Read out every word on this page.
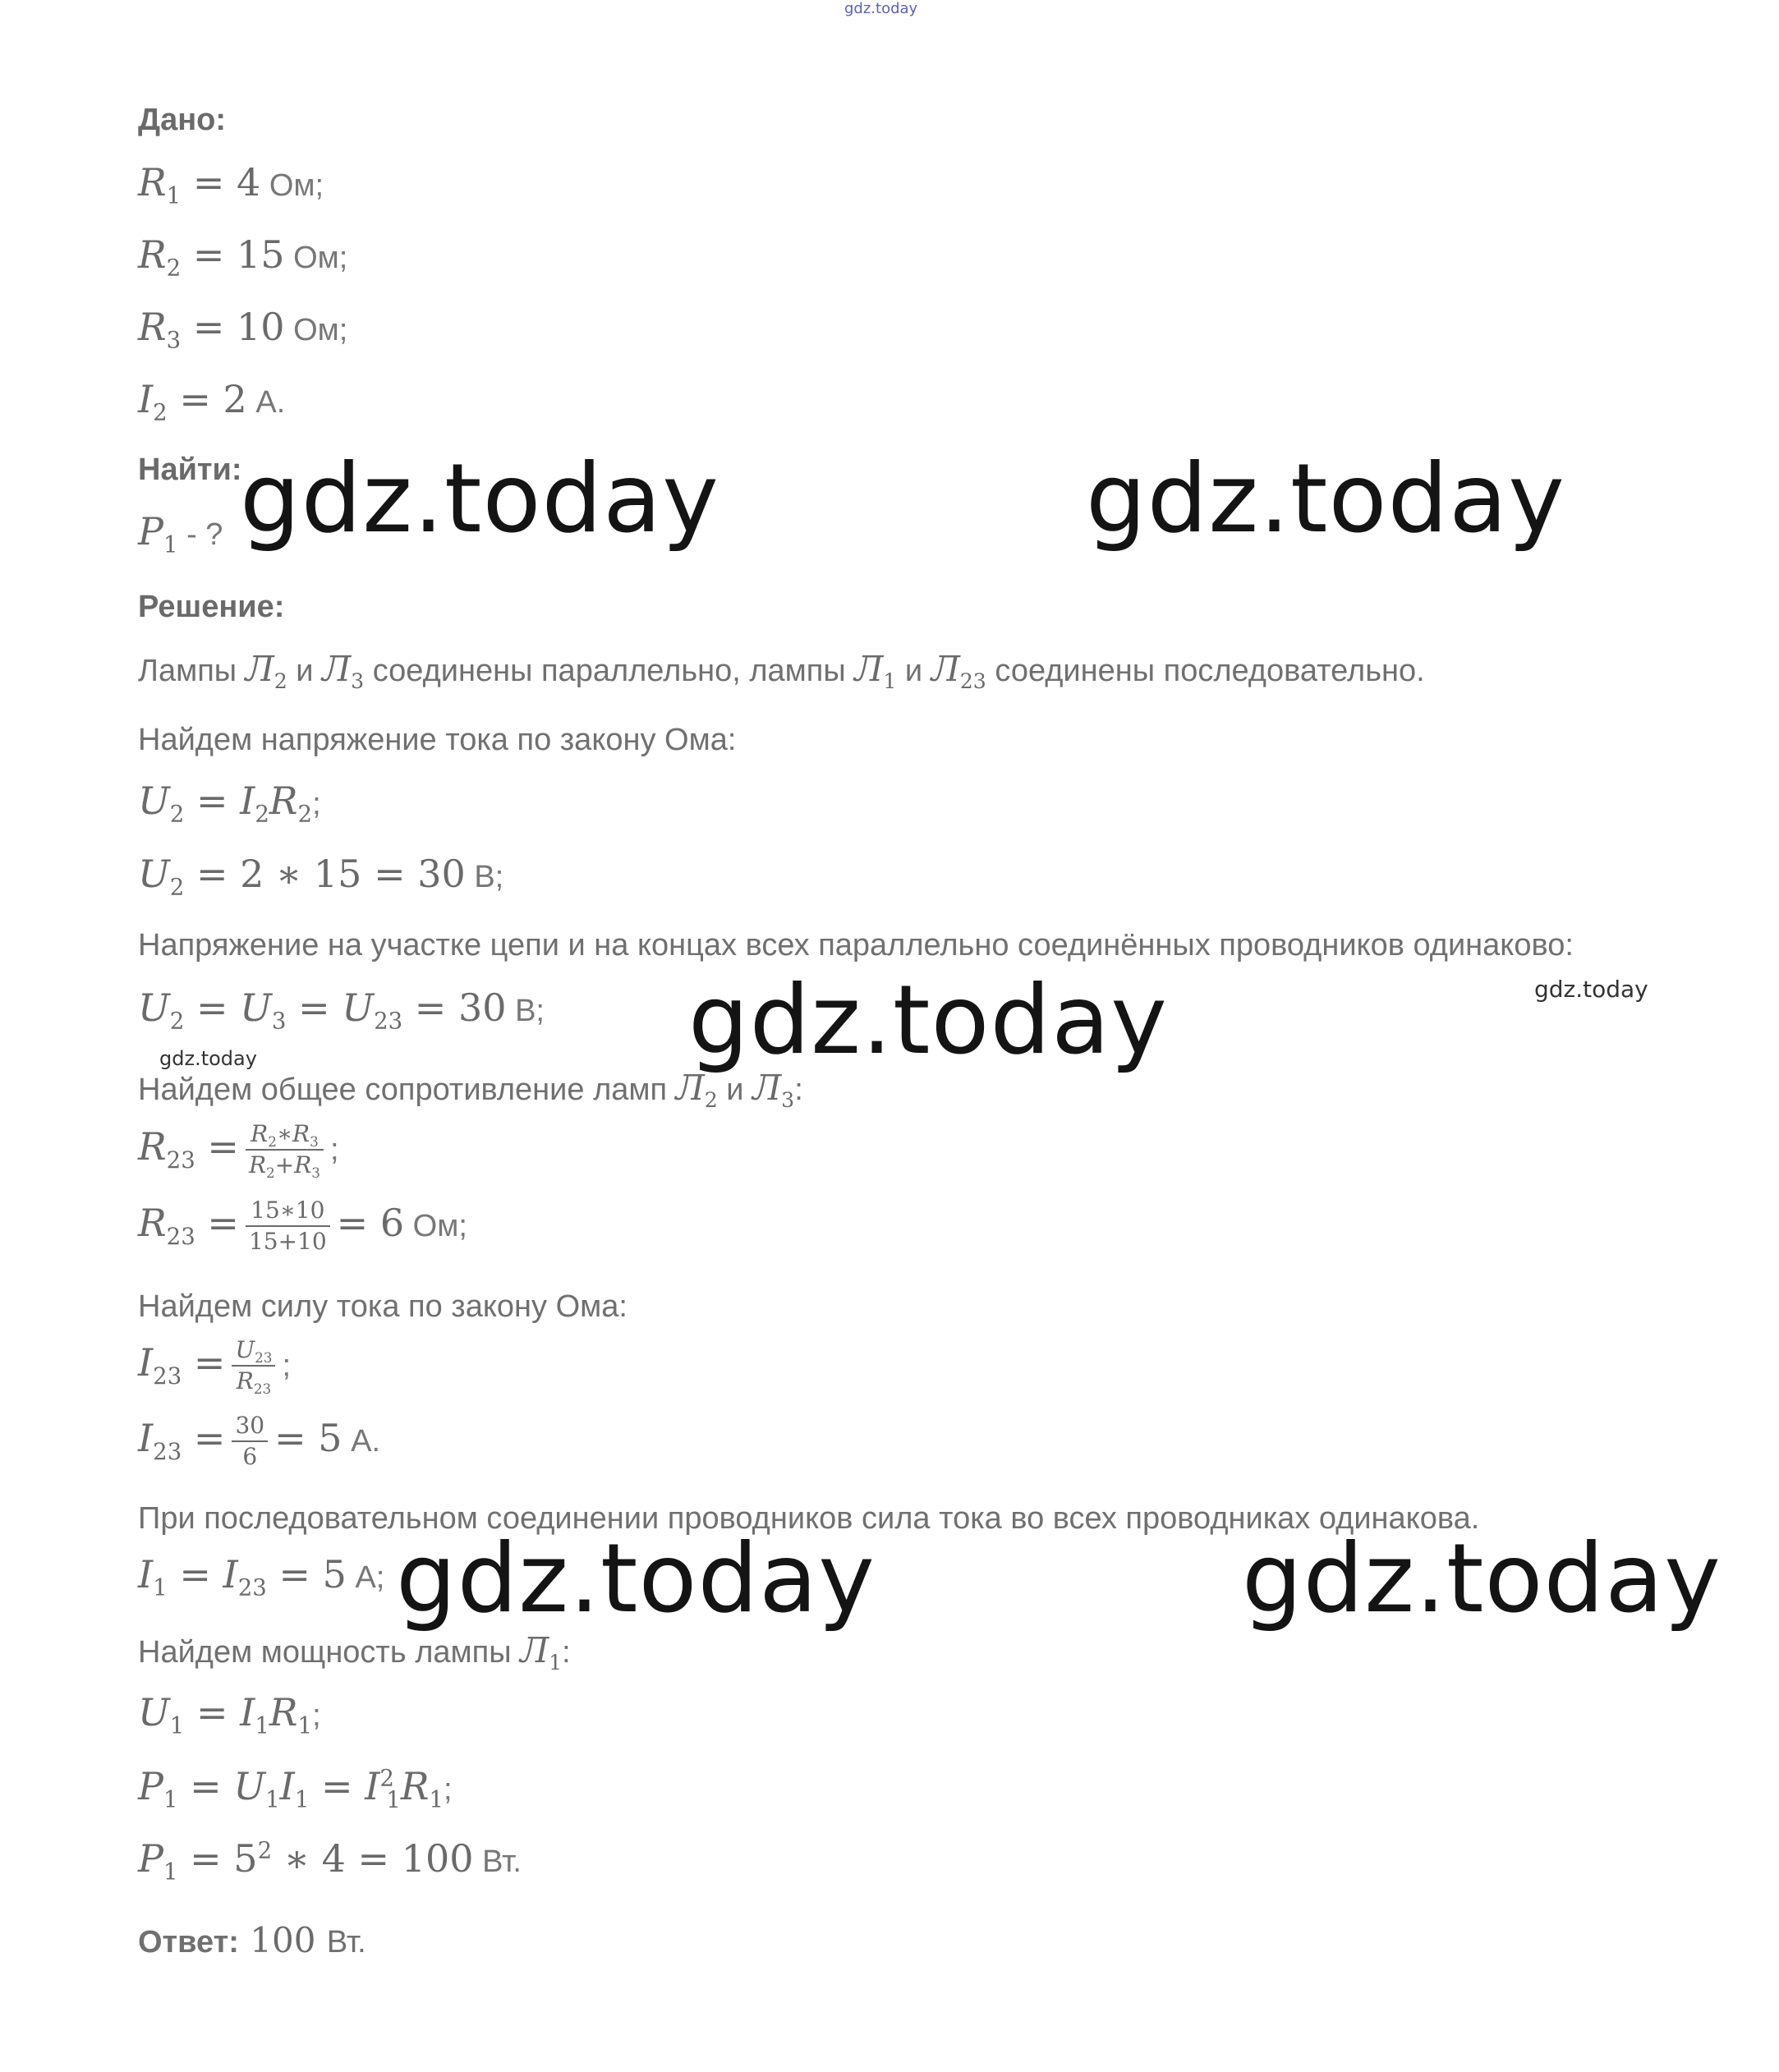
gdz.today
Дано:
$R_1 = 4$ Ом;
$R_2 = 15$ Ом;
$R_3 = 10$ Ом;
$I_2 = 2$ А.
Найти:
$P_1$ - ?
Решение:
Лампы $Л_2$ и $Л_3$ соединены параллельно, лампы $Л_1$ и $Л_{23}$ соединены последовательно.
Найдем напряжение тока по закону Ома:
$U_2 = I_2R_2$;
$U_2 = 2$ ∗ 15 = 30 В;
Напряжение на участке цепи и на концах всех параллельно соединённых проводников одинаково:
$U_2 = U_3 = U_{23} = 30$ В;
Найдем общее сопротивление ламп $Л_2$ и $Л_3$:
$R_{23} = \frac{R_2∗R_3}{R_2+R_3}$ ;
$R_{23} = \frac{15∗10}{15+10} = 6$ Ом;
Найдем силу тока по закону Ома:
$I_{23} = \frac{U_{23}}{R_{23}}$ ;
$I_{23} = \frac{30}{6} = 5$ А.
При последовательном соединении проводников сила тока во всех проводниках одинакова.
$I_1 = I_{23} = 5$ А;
Найдем мощность лампы $Л_1$:
$U_1 = I_1R_1$;
$P_1 = U_1I_1 = I^2_1R_1$;
$P_1 = 5^2$ ∗ 4 = 100 Вт.
Ответ: 100 Вт.
gdz.today	gdz.today
gdz.today
gdz.today	gdz.today
gdz.today
gdz.today
